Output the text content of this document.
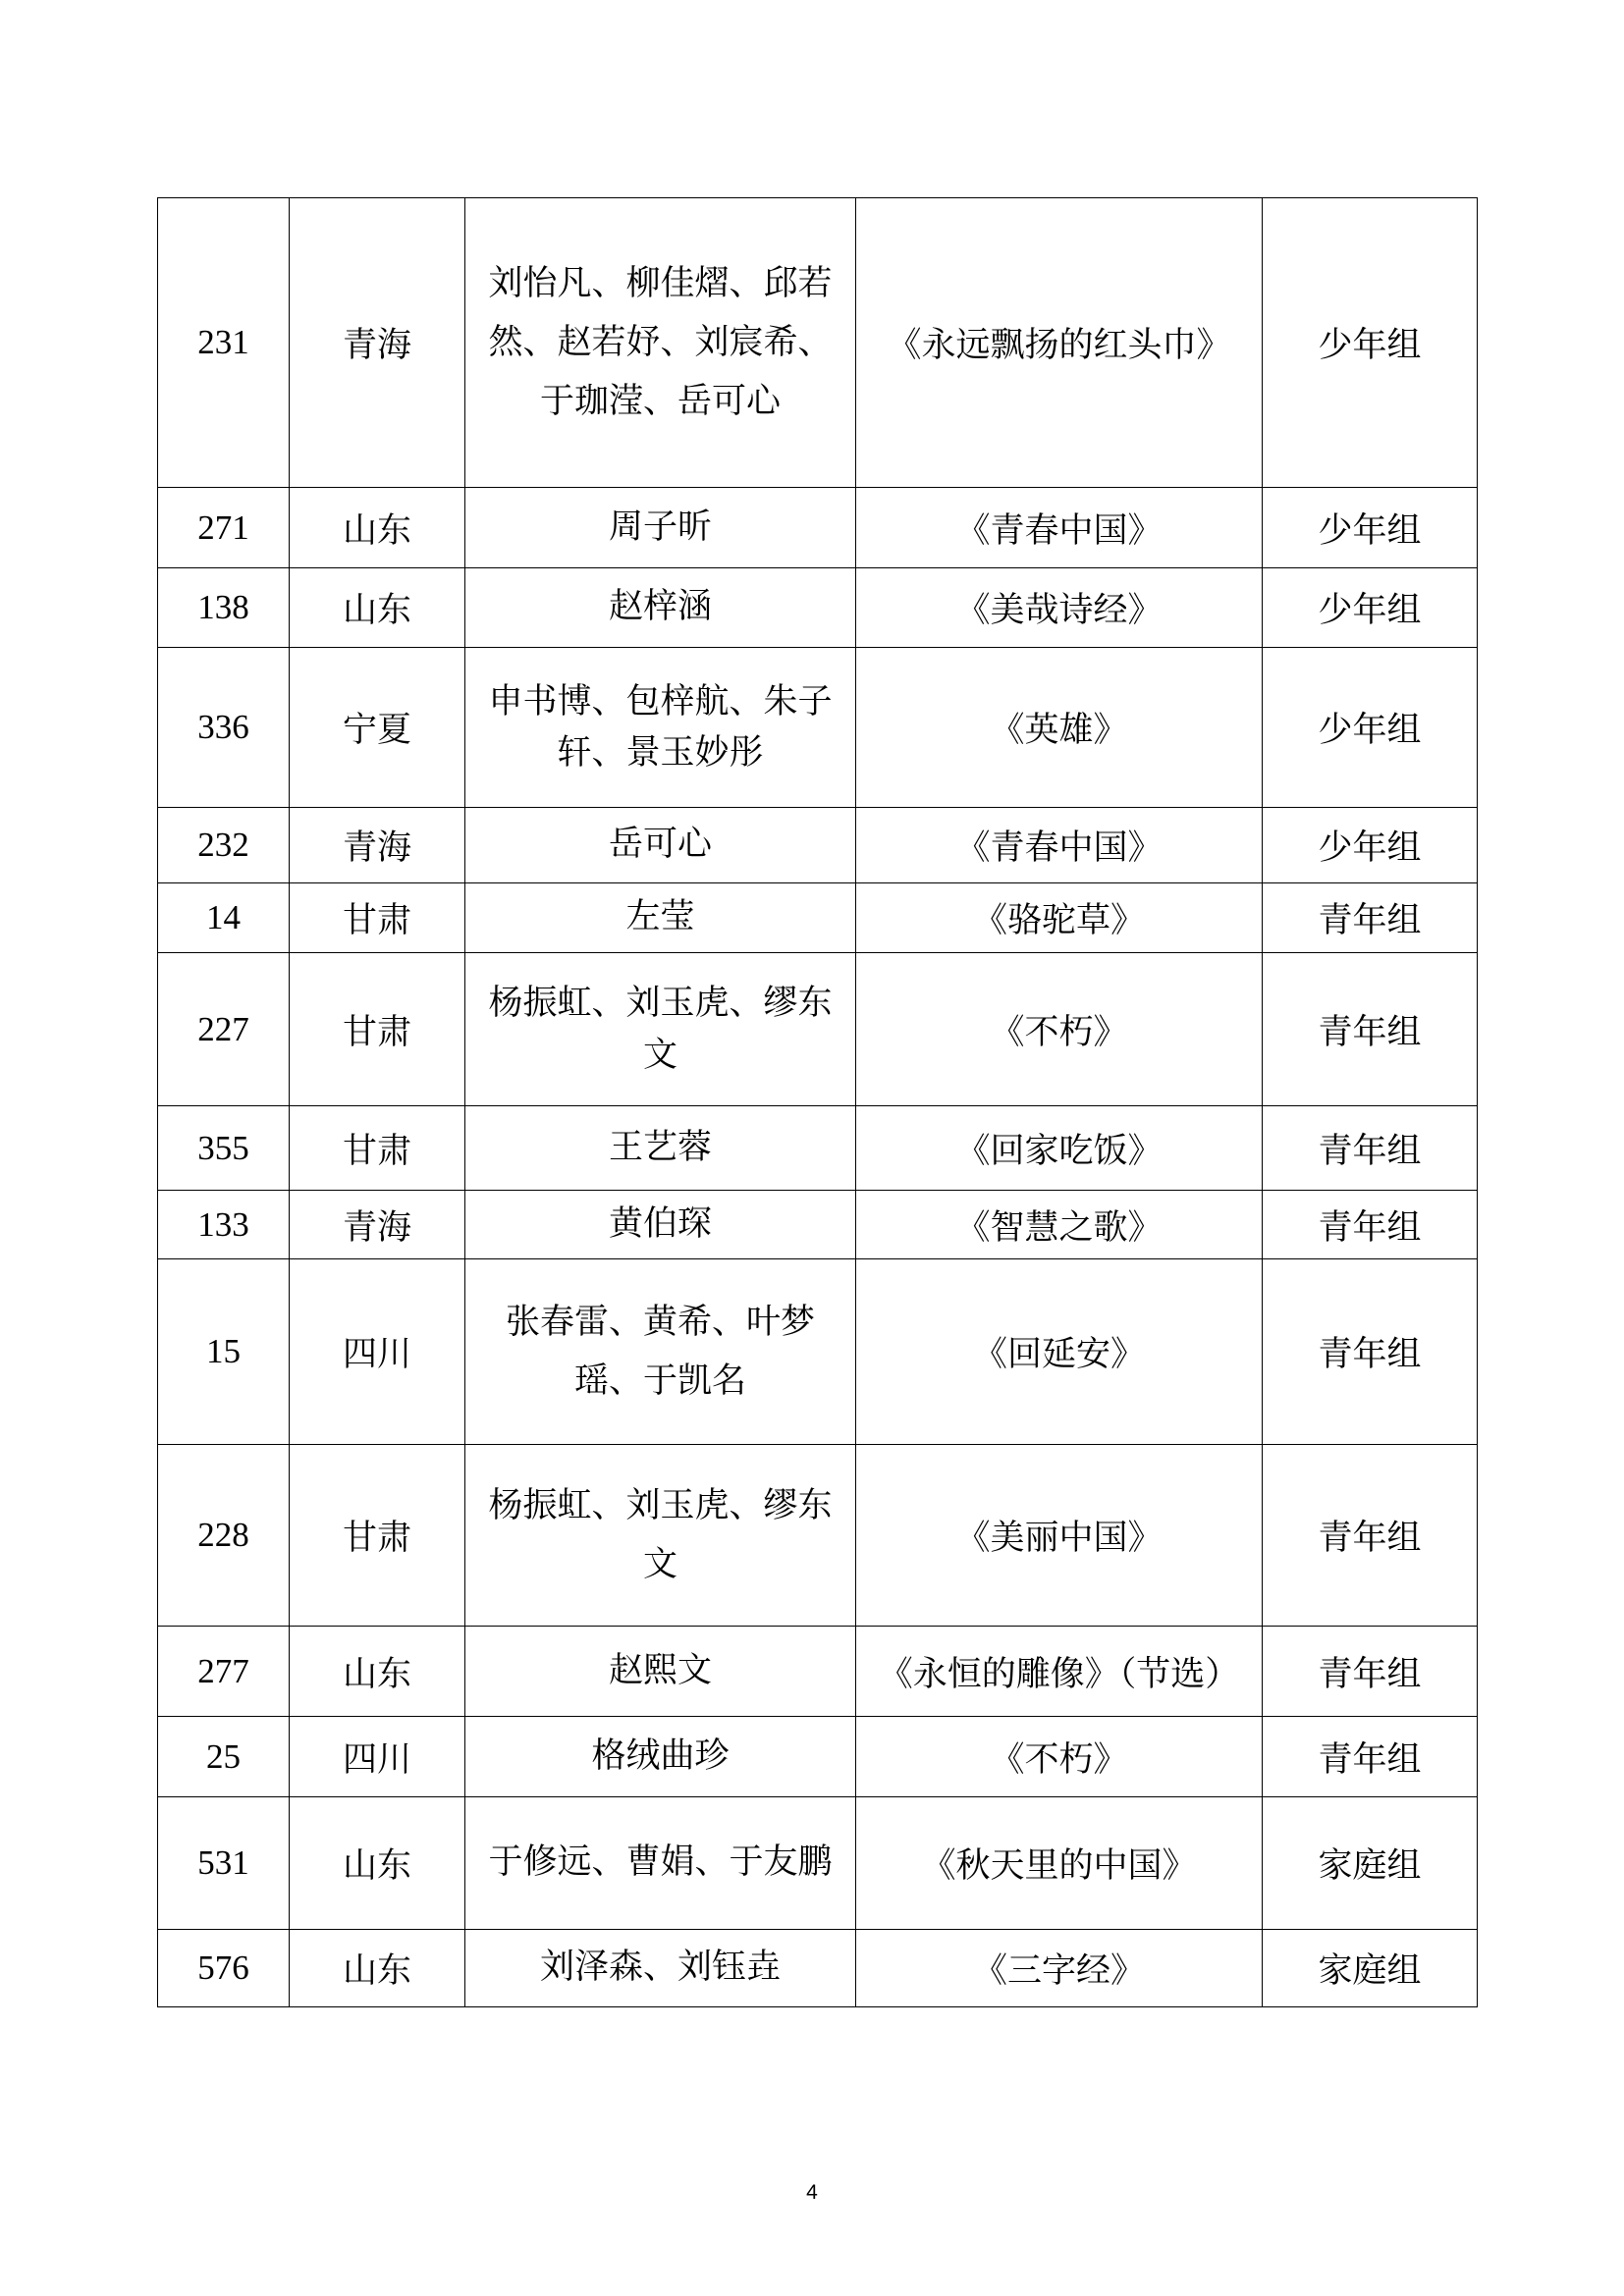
231	青海	刘怡凡、柳佳熠、邱若然、赵若妤、刘宸希、于珈滢、岳可心	《永远飘扬的红头巾》	少年组
271	山东	周子昕	《青春中国》	少年组
138	山东	赵梓涵	《美哉诗经》	少年组
336	宁夏	申书博、包梓航、朱子轩、景玉妙彤	《英雄》	少年组
232	青海	岳可心	《青春中国》	少年组
14	甘肃	左莹	《骆驼草》	青年组
227	甘肃	杨振虹、刘玉虎、缪东文	《不朽》	青年组
355	甘肃	王艺蓉	《回家吃饭》	青年组
133	青海	黄伯琛	《智慧之歌》	青年组
15	四川	张春雷、黄希、叶梦瑶、于凯名	《回延安》	青年组
228	甘肃	杨振虹、刘玉虎、缪东文	《美丽中国》	青年组
277	山东	赵熙文	《永恒的雕像》（节选）	青年组
25	四川	格绒曲珍	《不朽》	青年组
531	山东	于修远、曹娟、于友鹏	《秋天里的中国》	家庭组
576	山东	刘泽森、刘钰垚	《三字经》	家庭组
4
